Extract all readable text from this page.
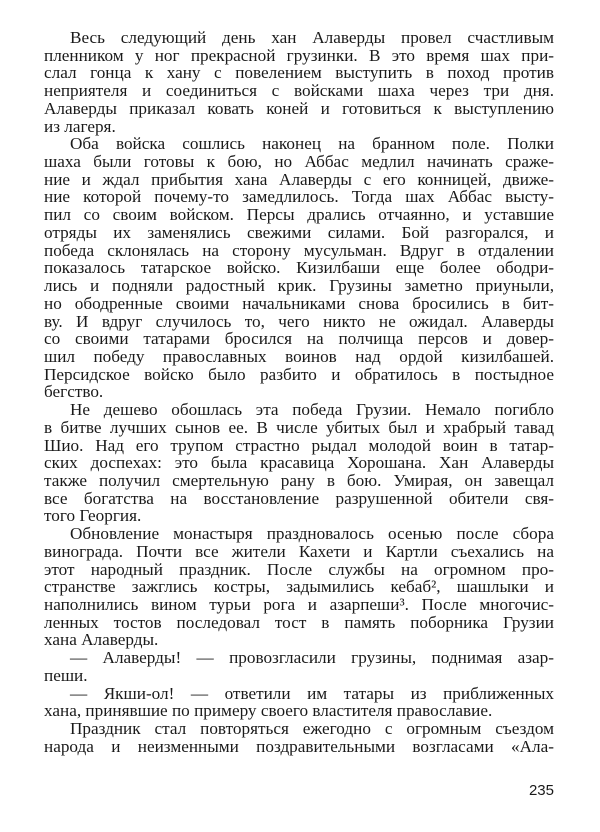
Весь следующий день хан Алаверды провел счастливым
пленником у ног прекрасной грузинки. В это время шах при-
слал гонца к хану с повелением выступить в поход против
неприятеля и соединиться с войсками шаха через три дня.
Алаверды приказал ковать коней и готовиться к выступлению
из лагеря.
Оба войска сошлись наконец на бранном поле. Полки
шаха были готовы к бою, но Аббас медлил начинать сраже-
ние и ждал прибытия хана Алаверды с его конницей, движе-
ние которой почему-то замедлилось. Тогда шах Аббас высту-
пил со своим войском. Персы дрались отчаянно, и уставшие
отряды их заменялись свежими силами. Бой разгорался, и
победа склонялась на сторону мусульман. Вдруг в отдалении
показалось татарское войско. Кизилбаши еще более ободри-
лись и подняли радостный крик. Грузины заметно приуныли,
но ободренные своими начальниками снова бросились в бит-
ву. И вдруг случилось то, чего никто не ожидал. Алаверды
со своими татарами бросился на полчища персов и довер-
шил победу православных воинов над ордой кизилбашей.
Персидское войско было разбито и обратилось в постыдное
бегство.
Не дешево обошлась эта победа Грузии. Немало погибло
в битве лучших сынов ее. В числе убитых был и храбрый тавад
Шио. Над его трупом страстно рыдал молодой воин в татар-
ских доспехах: это была красавица Хорошана. Хан Алаверды
также получил смертельную рану в бою. Умирая, он завещал
все богатства на восстановление разрушенной обители свя-
того Георгия.
Обновление монастыря праздновалось осенью после сбора
винограда. Почти все жители Кахети и Картли съехались на
этот народный праздник. После службы на огромном про-
странстве зажглись костры, задымились кебаб², шашлыки и
наполнились вином турьи рога и азарпеши³. После многочис-
ленных тостов последовал тост в память поборника Грузии
хана Алаверды.
— Алаверды! — провозгласили грузины, поднимая азар-
пеши.
— Якши-ол! — ответили им татары из приближенных
хана, принявшие по примеру своего властителя православие.
Праздник стал повторяться ежегодно с огромным съездом
народа и неизменными поздравительными возгласами «Ала-
235
